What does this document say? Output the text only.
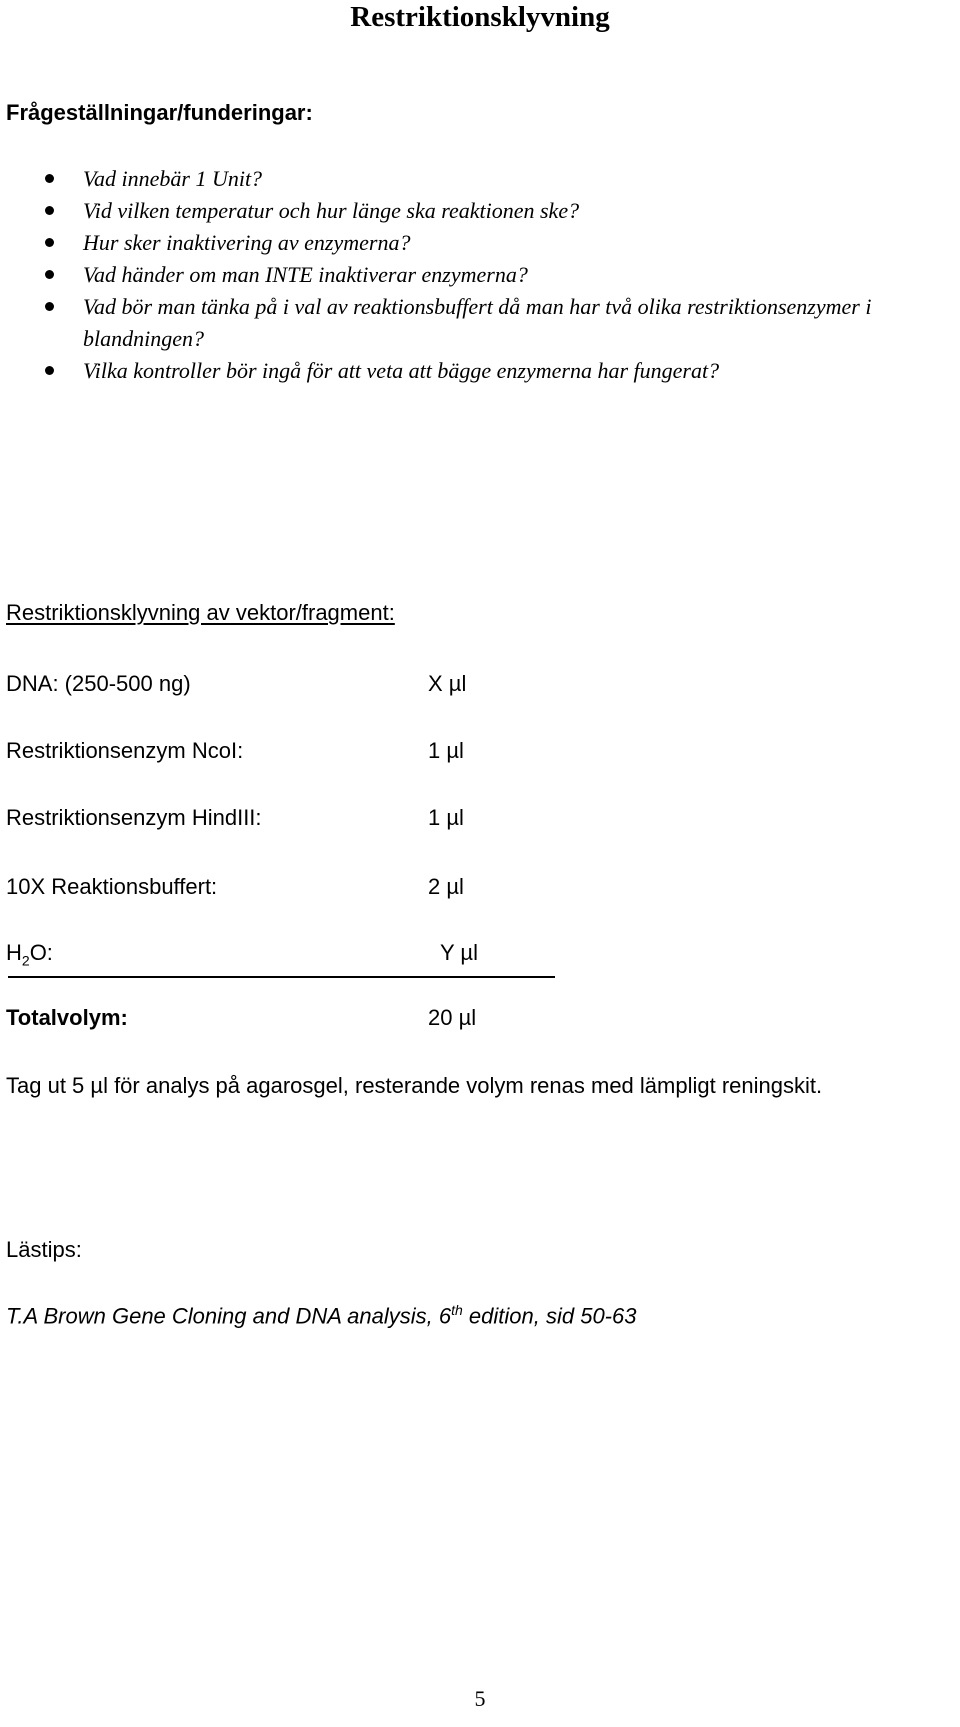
Restriktionsklyvning
Frågeställningar/funderingar:
Vad innebär 1 Unit?
Vid vilken temperatur och hur länge ska reaktionen ske?
Hur sker inaktivering av enzymerna?
Vad händer om man INTE inaktiverar enzymerna?
Vad bör man tänka på i val av reaktionsbuffert då man har två olika restriktionsenzymer i blandningen?
Vilka kontroller bör ingå för att veta att bägge enzymerna har fungerat?
Restriktionsklyvning av vektor/fragment:
DNA: (250-500 ng)	X µl
Restriktionsenzym NcoI:	1 µl
Restriktionsenzym HindIII:	1 µl
10X Reaktionsbuffert:	2 µl
$H_2O$:	Y µl
Totalvolym:	20 µl
Tag ut 5 µl för analys på agarosgel, resterande volym renas med lämpligt reningskit.
Lästips:
T.A Brown Gene Cloning and DNA analysis, 6th edition, sid 50-63
5
